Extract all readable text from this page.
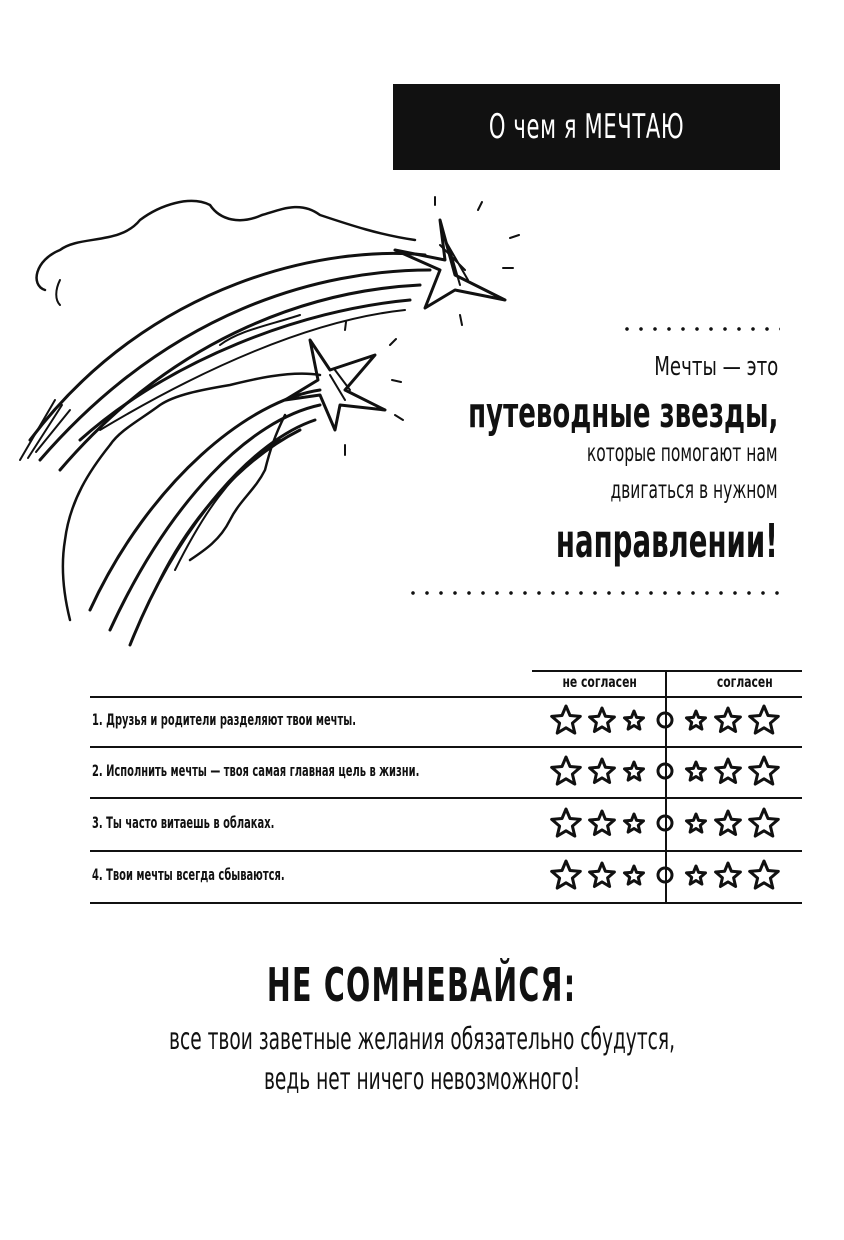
О чем я МЕЧТАЮ
Мечты — это
путеводные звезды,
которые помогают нам
двигаться в нужном
направлении!
не согласен	согласен
1. Друзья и родители разделяют твои мечты.
2. Исполнить мечты — твоя самая главная цель в жизни.
3. Ты часто витаешь в облаках.
4. Твои мечты всегда сбываются.
НЕ СОМНЕВАЙСЯ:
все твои заветные желания обязательно сбудутся,
ведь нет ничего невозможного!
